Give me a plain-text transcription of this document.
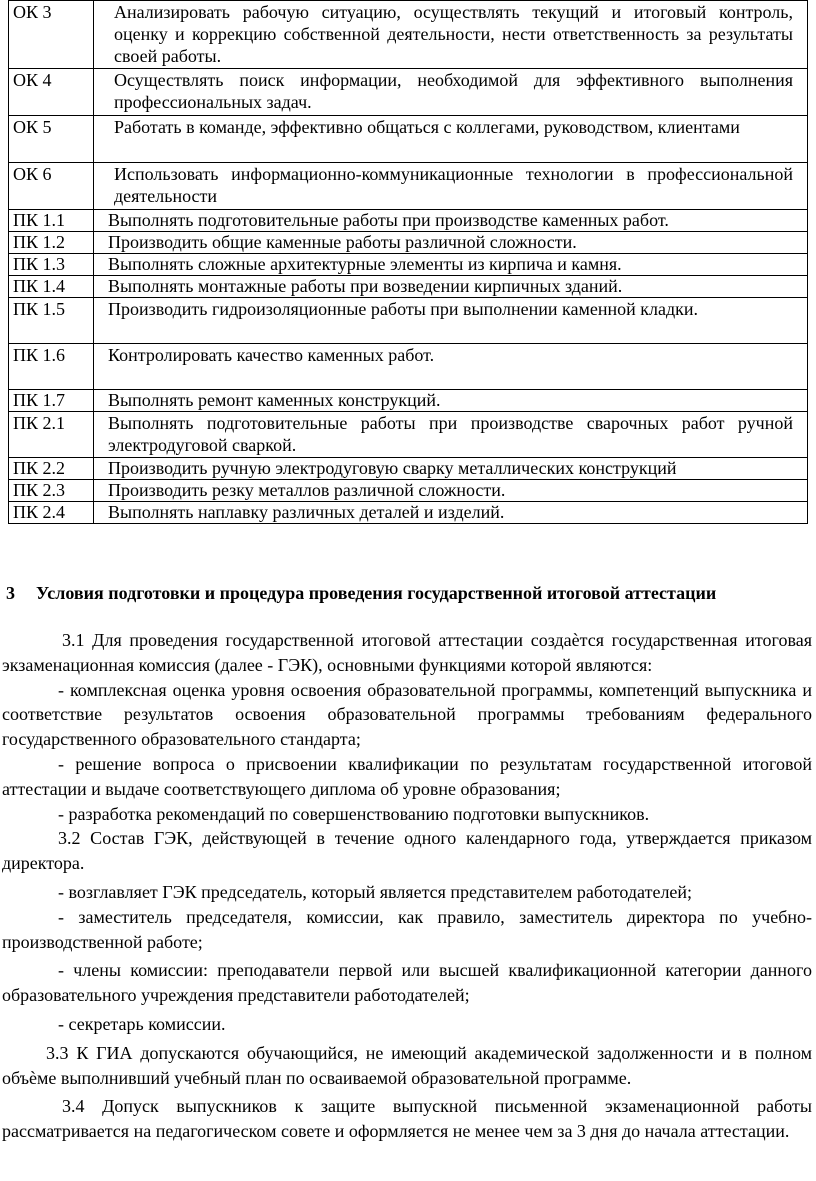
ОК 3	Анализировать рабочую ситуацию, осуществлять текущий и итоговый контроль, оценку и коррекцию собственной деятельности, нести ответственность за результаты своей работы.
ОК 4	Осуществлять поиск информации, необходимой для эффективного выполнения профессиональных задач.
ОК 5	Работать в команде, эффективно общаться с коллегами, руководством, клиентами
ОК 6	Использовать информационно-коммуникационные технологии в профессиональной деятельности
ПК 1.1	Выполнять подготовительные работы при производстве каменных работ.
ПК 1.2	Производить общие каменные работы различной сложности.
ПК 1.3	Выполнять сложные архитектурные элементы из кирпича и камня.
ПК 1.4	Выполнять монтажные работы при возведении кирпичных зданий.
ПК 1.5	Производить гидроизоляционные работы при выполнении каменной кладки.
ПК 1.6	Контролировать качество каменных работ.
ПК 1.7	Выполнять ремонт каменных конструкций.
ПК 2.1	Выполнять подготовительные работы при производстве сварочных работ ручной электродуговой сваркой.
ПК 2.2	Производить ручную электродуговую сварку металлических конструкций
ПК 2.3	Производить резку металлов различной сложности.
ПК 2.4	Выполнять наплавку различных деталей и изделий.
3 Условия подготовки и процедура проведения государственной итоговой аттестации

3.1 Для проведения государственной итоговой аттестации создаѐтся государственная итоговая экзаменационная комиссия (далее - ГЭК), основными функциями которой являются:

- комплексная оценка уровня освоения образовательной программы, компетенций выпускника и соответствие результатов освоения образовательной программы требованиям федерального государственного образовательного стандарта;

- решение вопроса о присвоении квалификации по результатам государственной итоговой аттестации и выдаче соответствующего диплома об уровне образования;

- разработка рекомендаций по совершенствованию подготовки выпускников.

3.2 Состав ГЭК, действующей в течение одного календарного года, утверждается приказом директора.

- возглавляет ГЭК председатель, который является представителем работодателей;

- заместитель председателя, комиссии, как правило, заместитель директора по учебно-производственной работе;

- члены комиссии: преподаватели первой или высшей квалификационной категории данного образовательного учреждения представители работодателей;

- секретарь комиссии.

3.3 К ГИА допускаются обучающийся, не имеющий академической задолженности и в полном объѐме выполнивший учебный план по осваиваемой образовательной программе.

3.4 Допуск выпускников к защите выпускной письменной экзаменационной работы рассматривается на педагогическом совете и оформляется не менее чем за 3 дня до начала аттестации.
